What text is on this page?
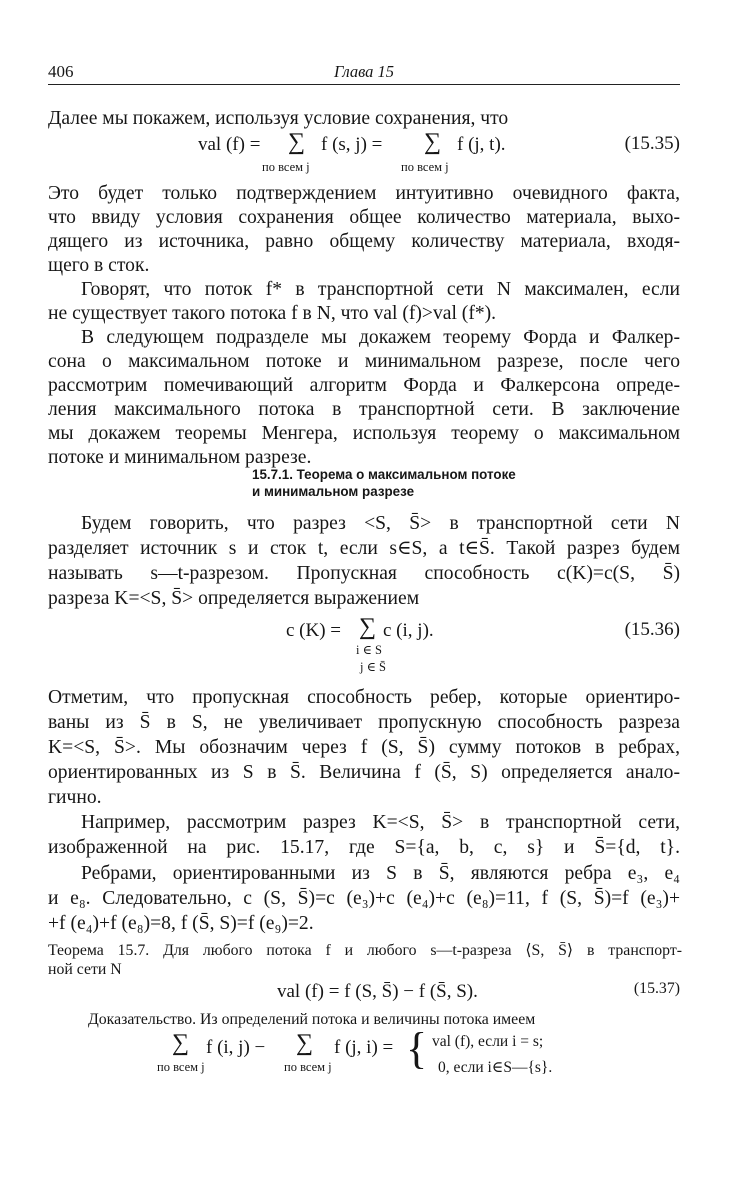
406	Глава 15
Далее мы покажем, используя условие сохранения, что
val (f) = ∑ f (s, j) = ∑ f (j, t).
по всем j	по всем j
(15.35)
Это будет только подтверждением интуитивно очевидного факта,
что ввиду условия сохранения общее количество материала, выхо-
дящего из источника, равно общему количеству материала, входя-
щего в сток.
Говорят, что поток f* в транспортной сети N максимален, если
не существует такого потока f в N, что val (f)>val (f*).
В следующем подразделе мы докажем теорему Форда и Фалкер-
сона о максимальном потоке и минимальном разрезе, после чего
рассмотрим помечивающий алгоритм Форда и Фалкерсона опреде-
ления максимального потока в транспортной сети. В заключение
мы докажем теоремы Менгера, используя теорему о максимальном
потоке и минимальном разрезе.
15.7.1. Теорема о максимальном потоке
и минимальном разрезе
Будем говорить, что разрез <S, S̄> в транспортной сети N
разделяет источник s и сток t, если s∈S, а t∈S̄. Такой разрез будем
называть s—t-разрезом. Пропускная способность c(K)=c(S, S̄)
разреза K=<S, S̄> определяется выражением
c (K) = ∑ c (i, j).
i ∈ S
j ∈ S̄
(15.36)
Отметим, что пропускная способность ребер, которые ориентиро-
ваны из S̄ в S, не увеличивает пропускную способность разреза
K=<S, S̄>. Мы обозначим через f (S, S̄) сумму потоков в ребрах,
ориентированных из S в S̄. Величина f (S̄, S) определяется анало-
гично.
Например, рассмотрим разрез K=<S, S̄> в транспортной сети,
изображенной на рис. 15.17, где S={a, b, c, s} и S̄={d, t}.
Ребрами, ориентированными из S в S̄, являются ребра e₃, e₄
и e₈. Следовательно, c (S, S̄)=c (e₃)+c (e₄)+c (e₈)=11, f (S, S̄)=f (e₃)+
+f (e₄)+f (e₈)=8, f (S̄, S)=f (e₉)=2.
Теорема 15.7. Для любого потока f и любого s—t-разреза ⟨S, S̄⟩ в транспорт-
ной сети N
val (f) = f (S, S̄) − f (S̄, S).	(15.37)
Доказательство. Из определений потока и величины потока имеем
∑ f (i, j) − ∑ f (j, i) =
по всем j	по всем j { val (f), если i = s;
0, если i∈S—{s}.
